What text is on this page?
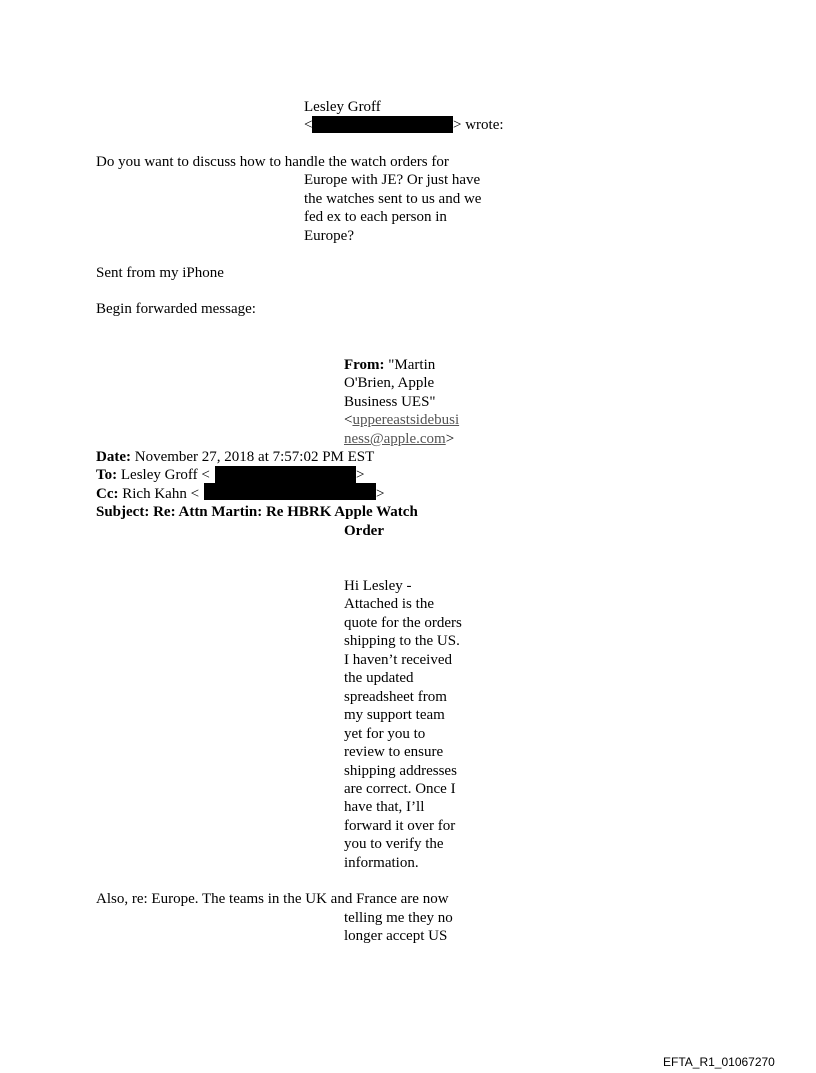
Lesley Groff
<	> wrote:
Do you want to discuss how to handle the watch orders for
Europe with JE? Or just have
the watches sent to us and we
fed ex to each person in
Europe?
Sent from my iPhone
Begin forwarded message:
From: "Martin
O'Brien, Apple
Business UES"
<uppereastsidebusi
ness@apple.com>
Date: November 27, 2018 at 7:57:02 PM EST
To: Lesley Groff <	>
Cc: Rich Kahn <	>
Subject: Re: Attn Martin: Re HBRK Apple Watch
Order
Hi Lesley -
Attached is the
quote for the orders
shipping to the US.
I haven’t received
the updated
spreadsheet from
my support team
yet for you to
review to ensure
shipping addresses
are correct. Once I
have that, I’ll
forward it over for
you to verify the
information.
Also, re: Europe. The teams in the UK and France are now
telling me they no
longer accept US
EFTA_R1_01067270
